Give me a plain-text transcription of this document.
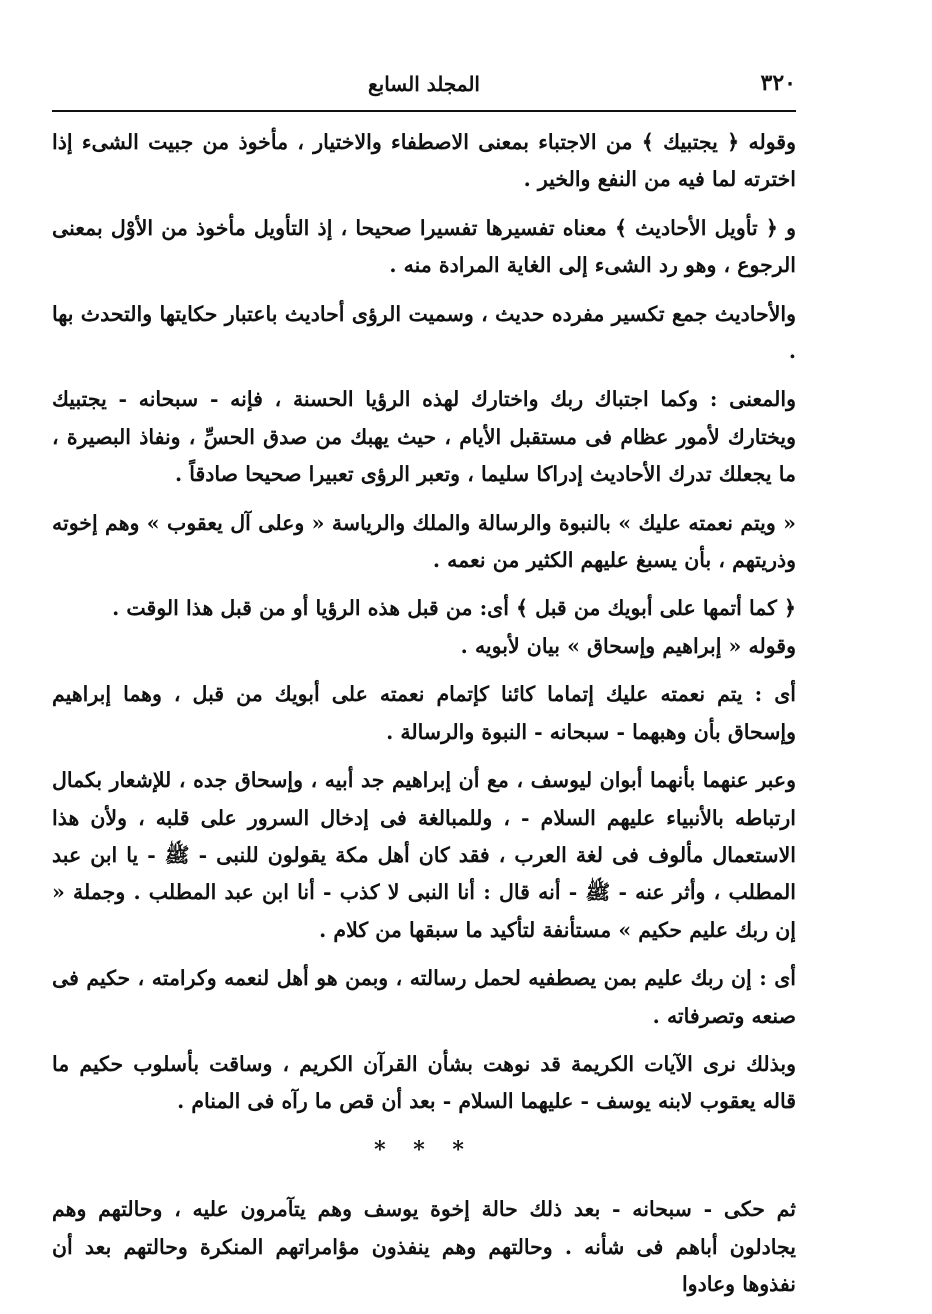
٣٢٠
المجلد السابع

وقوله ﴿ يجتبيك ﴾ من الاجتباء بمعنى الاصطفاء والاختيار ، مأخوذ من جبيت الشىء إذا اخترته لما فيه من النفع والخير .

و ﴿ تأويل الأحاديث ﴾ معناه تفسيرها تفسيرا صحيحا ، إذ التأويل مأخوذ من الأوْل بمعنى الرجوع ، وهو رد الشىء إلى الغاية المرادة منه .

والأحاديث جمع تكسير مفرده حديث ، وسميت الرؤى أحاديث باعتبار حكايتها والتحدث بها .

والمعنى : وكما اجتباك ربك واختارك لهذه الرؤيا الحسنة ، فإنه - سبحانه - يجتبيك ويختارك لأمور عظام فى مستقبل الأيام ، حيث يهبك من صدق الحسِّ ، ونفاذ البصيرة ، ما يجعلك تدرك الأحاديث إدراكا سليما ، وتعبر الرؤى تعبيرا صحيحا صادقاً .

« ويتم نعمته عليك » بالنبوة والرسالة والملك والرياسة « وعلى آل يعقوب » وهم إخوته وذريتهم ، بأن يسبغ عليهم الكثير من نعمه .

﴿ كما أتمها على أبويك من قبل ﴾ أى: من قبل هذه الرؤيا أو من قبل هذا الوقت .

وقوله « إبراهيم وإسحاق » بيان لأبويه .

أى : يتم نعمته عليك إتماما كائنا كإتمام نعمته على أبويك من قبل ، وهما إبراهيم وإسحاق بأن وهبهما - سبحانه - النبوة والرسالة .

وعبر عنهما بأنهما أبوان ليوسف ، مع أن إبراهيم جد أبيه ، وإسحاق جده ، للإشعار بكمال ارتباطه بالأنبياء عليهم السلام - ، وللمبالغة فى إدخال السرور على قلبه ، ولأن هذا الاستعمال مألوف فى لغة العرب ، فقد كان أهل مكة يقولون للنبى - ﷺ - يا ابن عبد المطلب ، وأثر عنه - ﷺ - أنه قال : أنا النبى لا كذب - أنا ابن عبد المطلب . وجملة « إن ربك عليم حكيم » مستأنفة لتأكيد ما سبقها من كلام .

أى : إن ربك عليم بمن يصطفيه لحمل رسالته ، وبمن هو أهل لنعمه وكرامته ، حكيم فى صنعه وتصرفاته .

وبذلك نرى الآيات الكريمة قد نوهت بشأن القرآن الكريم ، وساقت بأسلوب حكيم ما قاله يعقوب لابنه يوسف - عليهما السلام - بعد أن قص ما رآه فى المنام .

* * *

ثم حكى - سبحانه - بعد ذلك حالة إخوة يوسف وهم يتآمرون عليه ، وحالتهم وهم يجادلون أباهم فى شأنه . وحالتهم وهم ينفذون مؤامراتهم المنكرة وحالتهم بعد أن نفذوها وعادوا
